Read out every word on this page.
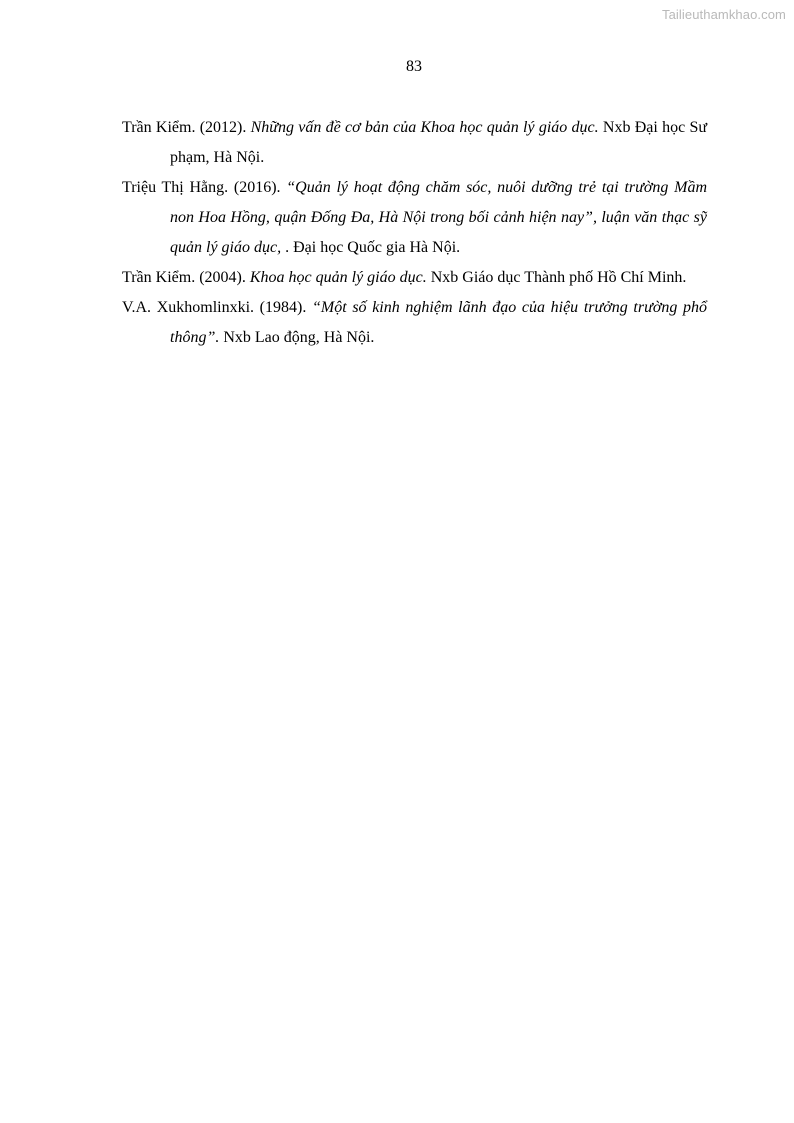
Tailieuthamkhao.com
83

Trần Kiểm. (2012). Những vấn đề cơ bản của Khoa học quản lý giáo dục. Nxb Đại học Sư phạm, Hà Nội.

Triệu Thị Hằng. (2016). “Quản lý hoạt động chăm sóc, nuôi dưỡng trẻ tại trường Mầm non Hoa Hồng, quận Đống Đa, Hà Nội trong bối cảnh hiện nay”, luận văn thạc sỹ quản lý giáo dục, . Đại học Quốc gia Hà Nội.

Trần Kiểm. (2004). Khoa học quản lý giáo dục. Nxb Giáo dục Thành phố Hồ Chí Minh.

V.A. Xukhomlinxki. (1984). “Một số kinh nghiệm lãnh đạo của hiệu trưởng trường phổ thông”. Nxb Lao động, Hà Nội.
